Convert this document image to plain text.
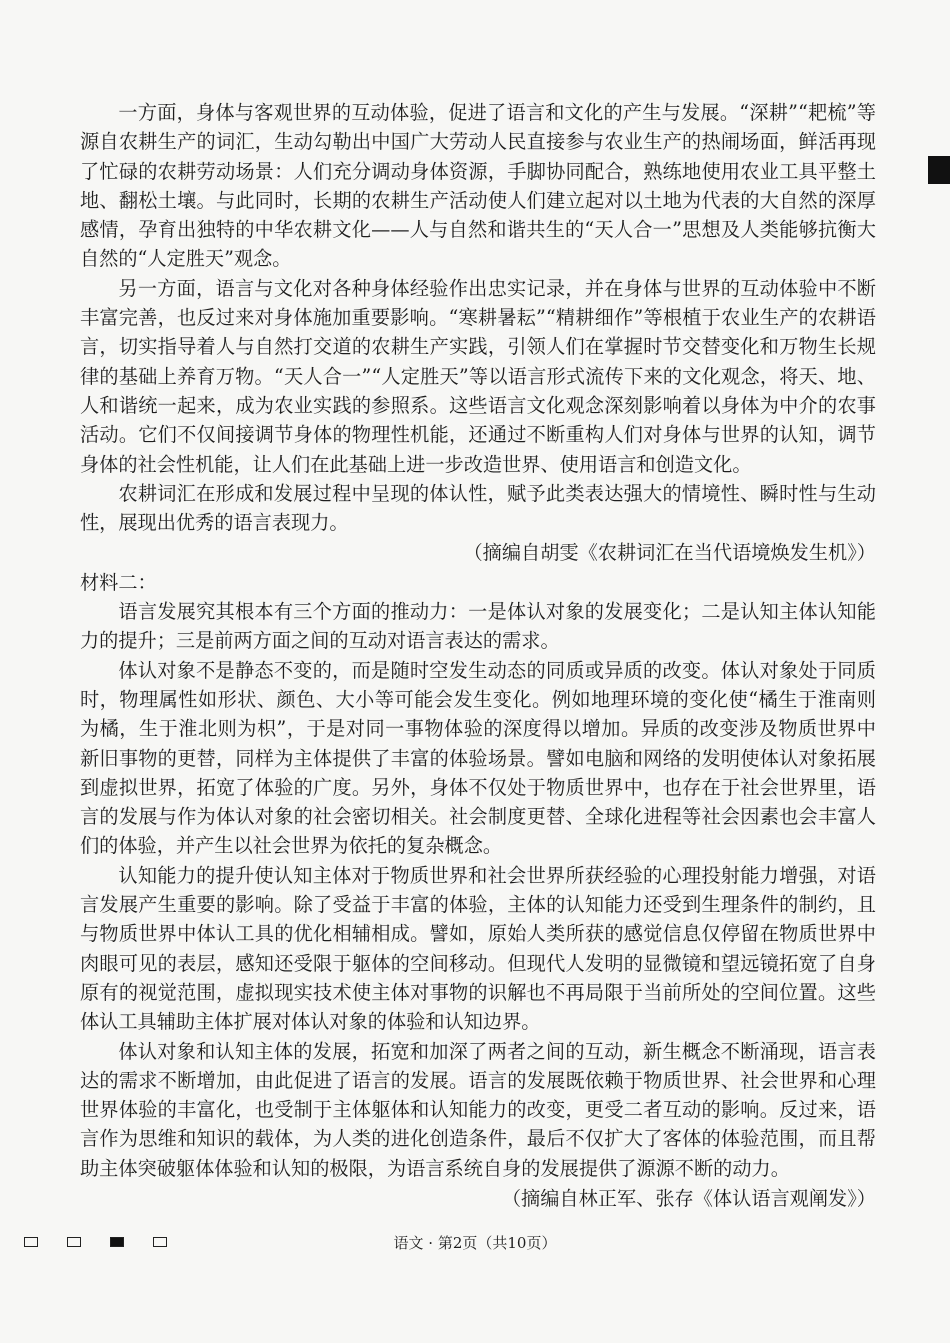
一方面，身体与客观世界的互动体验，促进了语言和文化的产生与发展。“深耕”“耙梳”等源自农耕生产的词汇，生动勾勒出中国广大劳动人民直接参与农业生产的热闹场面，鲜活再现了忙碌的农耕劳动场景：人们充分调动身体资源，手脚协同配合，熟练地使用农业工具平整土地、翻松土壤。与此同时，长期的农耕生产活动使人们建立起对以土地为代表的大自然的深厚感情，孕育出独特的中华农耕文化——人与自然和谐共生的“天人合一”思想及人类能够抗衡大自然的“人定胜天”观念。

另一方面，语言与文化对各种身体经验作出忠实记录，并在身体与世界的互动体验中不断丰富完善，也反过来对身体施加重要影响。“寒耕暑耘”“精耕细作”等根植于农业生产的农耕语言，切实指导着人与自然打交道的农耕生产实践，引领人们在掌握时节交替变化和万物生长规律的基础上养育万物。“天人合一”“人定胜天”等以语言形式流传下来的文化观念，将天、地、人和谐统一起来，成为农业实践的参照系。这些语言文化观念深刻影响着以身体为中介的农事活动。它们不仅间接调节身体的物理性机能，还通过不断重构人们对身体与世界的认知，调节身体的社会性机能，让人们在此基础上进一步改造世界、使用语言和创造文化。

农耕词汇在形成和发展过程中呈现的体认性，赋予此类表达强大的情境性、瞬时性与生动性，展现出优秀的语言表现力。

（摘编自胡雯《农耕词汇在当代语境焕发生机》）

材料二：

语言发展究其根本有三个方面的推动力：一是体认对象的发展变化；二是认知主体认知能力的提升；三是前两方面之间的互动对语言表达的需求。

体认对象不是静态不变的，而是随时空发生动态的同质或异质的改变。体认对象处于同质时，物理属性如形状、颜色、大小等可能会发生变化。例如地理环境的变化使“橘生于淮南则为橘，生于淮北则为枳”，于是对同一事物体验的深度得以增加。异质的改变涉及物质世界中新旧事物的更替，同样为主体提供了丰富的体验场景。譬如电脑和网络的发明使体认对象拓展到虚拟世界，拓宽了体验的广度。另外，身体不仅处于物质世界中，也存在于社会世界里，语言的发展与作为体认对象的社会密切相关。社会制度更替、全球化进程等社会因素也会丰富人们的体验，并产生以社会世界为依托的复杂概念。

认知能力的提升使认知主体对于物质世界和社会世界所获经验的心理投射能力增强，对语言发展产生重要的影响。除了受益于丰富的体验，主体的认知能力还受到生理条件的制约，且与物质世界中体认工具的优化相辅相成。譬如，原始人类所获的感觉信息仅停留在物质世界中肉眼可见的表层，感知还受限于躯体的空间移动。但现代人发明的显微镜和望远镜拓宽了自身原有的视觉范围，虚拟现实技术使主体对事物的识解也不再局限于当前所处的空间位置。这些体认工具辅助主体扩展对体认对象的体验和认知边界。

体认对象和认知主体的发展，拓宽和加深了两者之间的互动，新生概念不断涌现，语言表达的需求不断增加，由此促进了语言的发展。语言的发展既依赖于物质世界、社会世界和心理世界体验的丰富化，也受制于主体躯体和认知能力的改变，更受二者互动的影响。反过来，语言作为思维和知识的载体，为人类的进化创造条件，最后不仅扩大了客体的体验范围，而且帮助主体突破躯体体验和认知的极限，为语言系统自身的发展提供了源源不断的动力。

（摘编自林正军、张存《体认语言观阐发》）

语文 · 第2页（共10页）
